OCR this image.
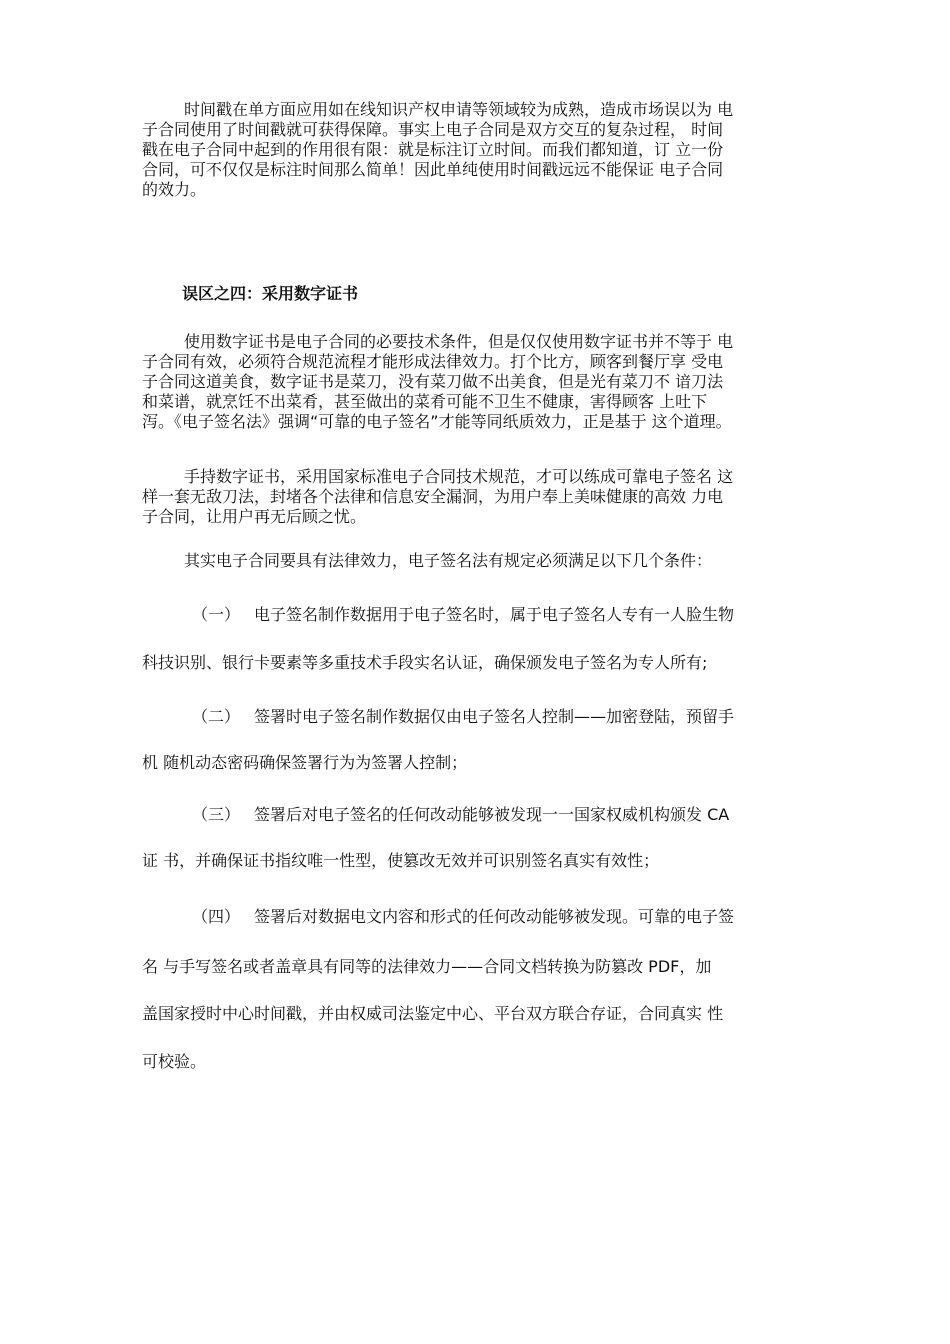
时间戳在单方面应用如在线知识产权申请等领域较为成熟，造成市场误以为 电
子合同使用了时间戳就可获得保障。事实上电子合同是双方交互的复杂过程， 时间
戳在电子合同中起到的作用很有限：就是标注订立时间。而我们都知道，订 立一份
合同，可不仅仅是标注时间那么简单！因此单纯使用时间戳远远不能保证 电子合同
的效力。
误区之四：采用数字证书
使用数字证书是电子合同的必要技术条件，但是仅仅使用数字证书并不等于 电
子合同有效，必须符合规范流程才能形成法律效力。打个比方，顾客到餐厅享 受电
子合同这道美食，数字证书是菜刀，没有菜刀做不出美食，但是光有菜刀不 谙刀法
和菜谱，就烹饪不出菜肴，甚至做出的菜肴可能不卫生不健康，害得顾客 上吐下
泻。《电子签名法》强调“可靠的电子签名”才能等同纸质效力，正是基于 这个道理。
手持数字证书，采用国家标准电子合同技术规范，才可以练成可靠电子签名 这
样一套无敌刀法，封堵各个法律和信息安全漏洞，为用户奉上美味健康的高效 力电
子合同，让用户再无后顾之忧。
其实电子合同要具有法律效力，电子签名法有规定必须满足以下几个条件：
（一） 电子签名制作数据用于电子签名时，属于电子签名人专有一人脸生物
科技识别、银行卡要素等多重技术手段实名认证，确保颁发电子签名为专人所有;
（二） 签署时电子签名制作数据仅由电子签名人控制——加密登陆，预留手
机 随机动态密码确保签署行为为签署人控制；
（三） 签署后对电子签名的任何改动能够被发现一一国家权威机构颁发 CA
证 书，并确保证书指纹唯一性型，使篡改无效并可识别签名真实有效性；
（四） 签署后对数据电文内容和形式的任何改动能够被发现。可靠的电子签
名 与手写签名或者盖章具有同等的法律效力——合同文档转换为防篡改 PDF，加
盖国家授时中心时间戳，并由权威司法鉴定中心、平台双方联合存证，合同真实 性
可校验。
